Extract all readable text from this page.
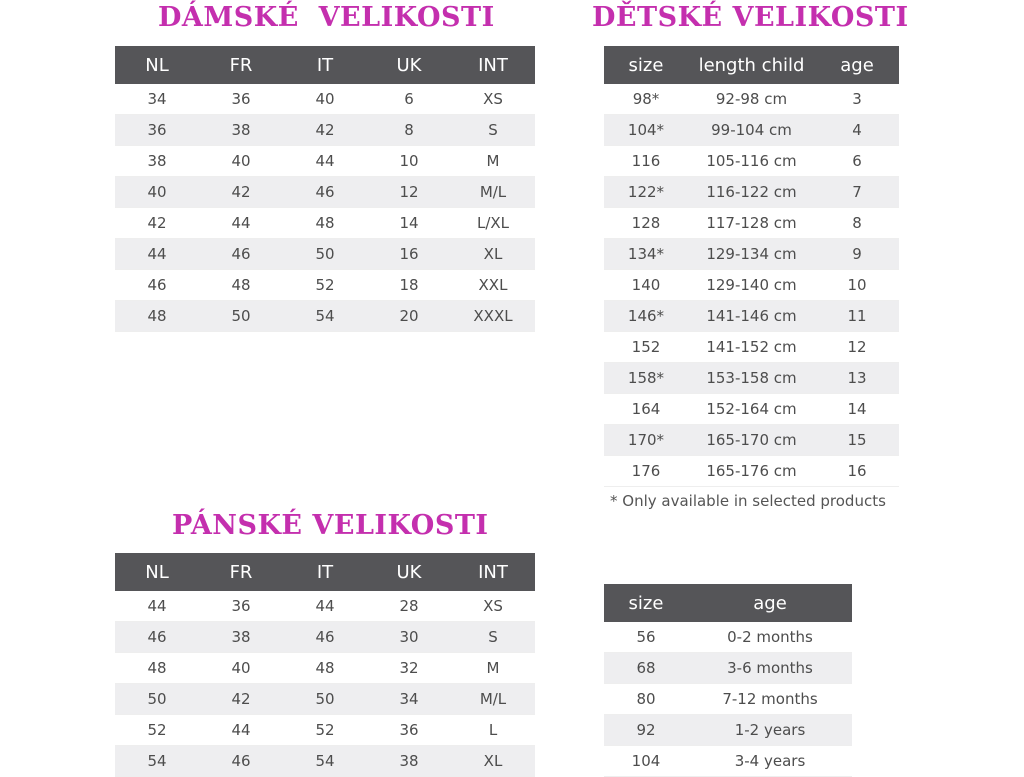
DÁMSKÉ  VELIKOSTI
NL	FR	IT	UK	INT
34	36	40	6	XS
36	38	42	8	S
38	40	44	10	M
40	42	46	12	M/L
42	44	48	14	L/XL
44	46	50	16	XL
46	48	52	18	XXL
48	50	54	20	XXXL
DĚTSKÉ VELIKOSTI
size	length child	age
98*	92-98 cm	3
104*	99-104 cm	4
116	105-116 cm	6
122*	116-122 cm	7
128	117-128 cm	8
134*	129-134 cm	9
140	129-140 cm	10
146*	141-146 cm	11
152	141-152 cm	12
158*	153-158 cm	13
164	152-164 cm	14
170*	165-170 cm	15
176	165-176 cm	16
* Only available in selected products
PÁNSKÉ VELIKOSTI
NL	FR	IT	UK	INT
44	36	44	28	XS
46	38	46	30	S
48	40	48	32	M
50	42	50	34	M/L
52	44	52	36	L
54	46	54	38	XL
size	age
56	0-2 months
68	3-6 months
80	7-12 months
92	1-2 years
104	3-4 years
